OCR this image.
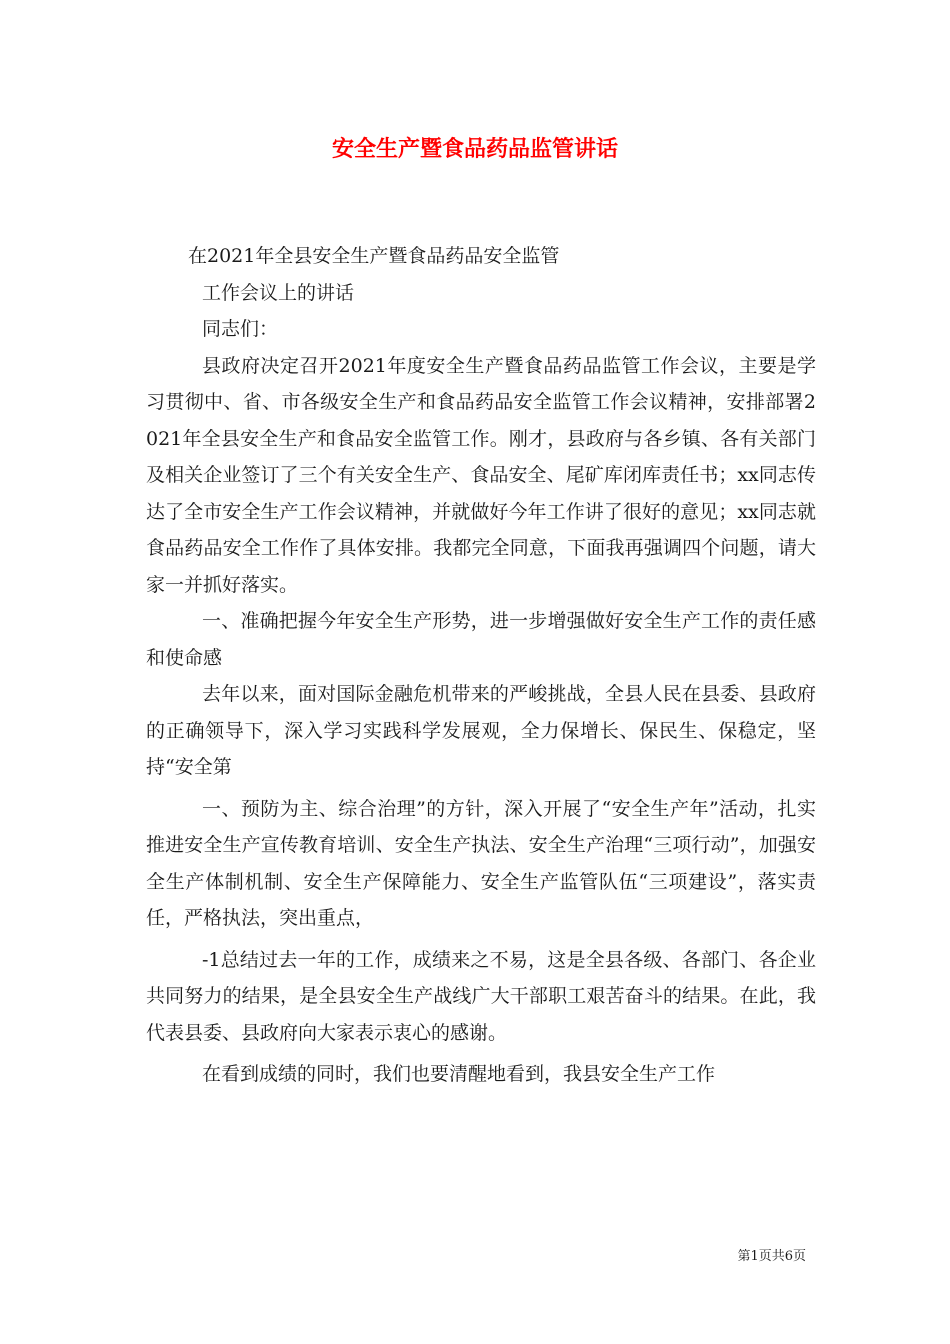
安全生产暨食品药品监管讲话

在2021年全县安全生产暨食品药品安全监管

工作会议上的讲话

同志们：

县政府决定召开2021年度安全生产暨食品药品监管工作会议，主要是学习贯彻中、省、市各级安全生产和食品药品安全监管工作会议精神，安排部署2021年全县安全生产和食品安全监管工作。刚才，县政府与各乡镇、各有关部门及相关企业签订了三个有关安全生产、食品安全、尾矿库闭库责任书；xx同志传达了全市安全生产工作会议精神，并就做好今年工作讲了很好的意见；xx同志就食品药品安全工作作了具体安排。我都完全同意，下面我再强调四个问题，请大家一并抓好落实。

一、准确把握今年安全生产形势，进一步增强做好安全生产工作的责任感和使命感

去年以来，面对国际金融危机带来的严峻挑战，全县人民在县委、县政府的正确领导下，深入学习实践科学发展观，全力保增长、保民生、保稳定，坚持“安全第

一、预防为主、综合治理”的方针，深入开展了“安全生产年”活动，扎实推进安全生产宣传教育培训、安全生产执法、安全生产治理“三项行动”，加强安全生产体制机制、安全生产保障能力、安全生产监管队伍“三项建设”，落实责任，严格执法，突出重点，

-1总结过去一年的工作，成绩来之不易，这是全县各级、各部门、各企业共同努力的结果，是全县安全生产战线广大干部职工艰苦奋斗的结果。在此，我代表县委、县政府向大家表示衷心的感谢。

在看到成绩的同时，我们也要清醒地看到，我县安全生产工作

第1页共6页
